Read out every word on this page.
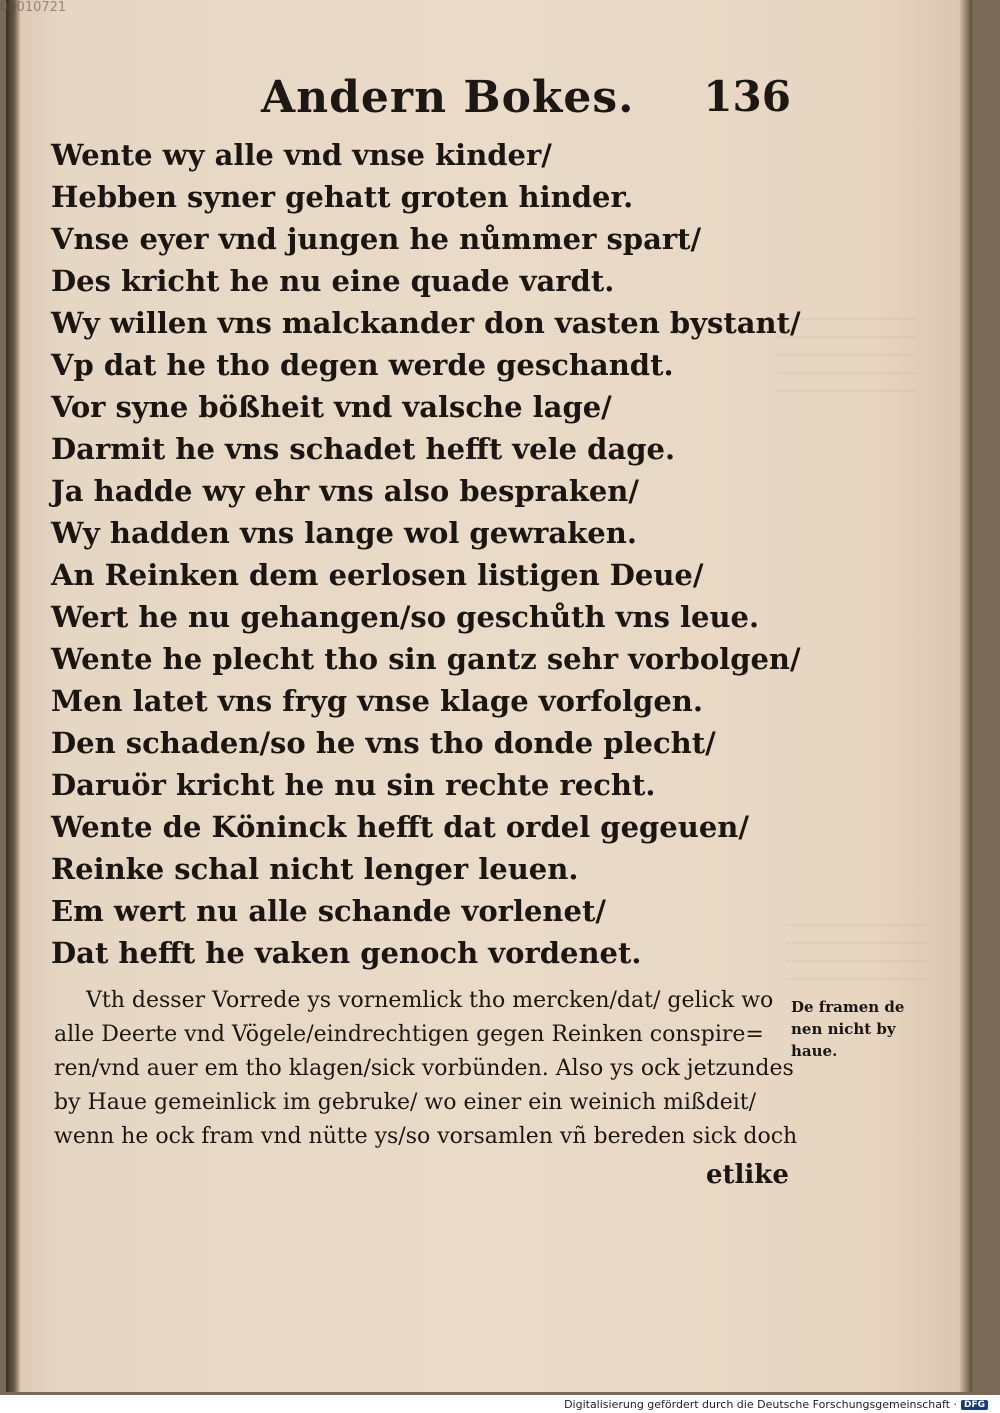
Andern Bokes. 136
Wente wy alle vnd vnse kinder/
Hebben syner gehatt groten hinder.
Vnse eyer vnd jungen he nůmmer spart/
Des kricht he nu eine quade vardt.
Wy willen vns malckander don vasten bystant/
Vp dat he tho degen werde geschandt.
Vor syne bößheit vnd valsche lage/
Darmit he vns schadet hefft vele dage.
Ja hadde wy ehr vns also bespraken/
Wy hadden vns lange wol gewraken.
An Reinken dem eerlosen listigen Deue/
Wert he nu gehangen/so geschůth vns leue.
Wente he plecht tho sin gantz sehr vorbolgen/
Men latet vns fryg vnse klage vorfolgen.
Den schaden/so he vns tho donde plecht/
Daruör kricht he nu sin rechte recht.
Wente de Köninck hefft dat ordel gegeuen/
Reinke schal nicht lenger leuen.
Em wert nu alle schande vorlenet/
Dat hefft he vaken genoch vordenet.
Vth desser Vorrede ys vornemlick tho mercken/dat/ gelick wo
alle Deerte vnd Vögele/eindrechtigen gegen Reinken conspire=
ren/vnd auer em tho klagen/sick vorbünden. Also ys ock jetzundes
by Haue gemeinlick im gebruke/ wo einer ein weinich mißdeit/
wenn he ock fram vnd nütte ys/so vorsamlen vñ bereden sick doch
etlike
De framen de
nen nicht by
haue.
00010721
Digitalisierung gefördert durch die Deutsche Forschungsgemeinschaft · DFG
